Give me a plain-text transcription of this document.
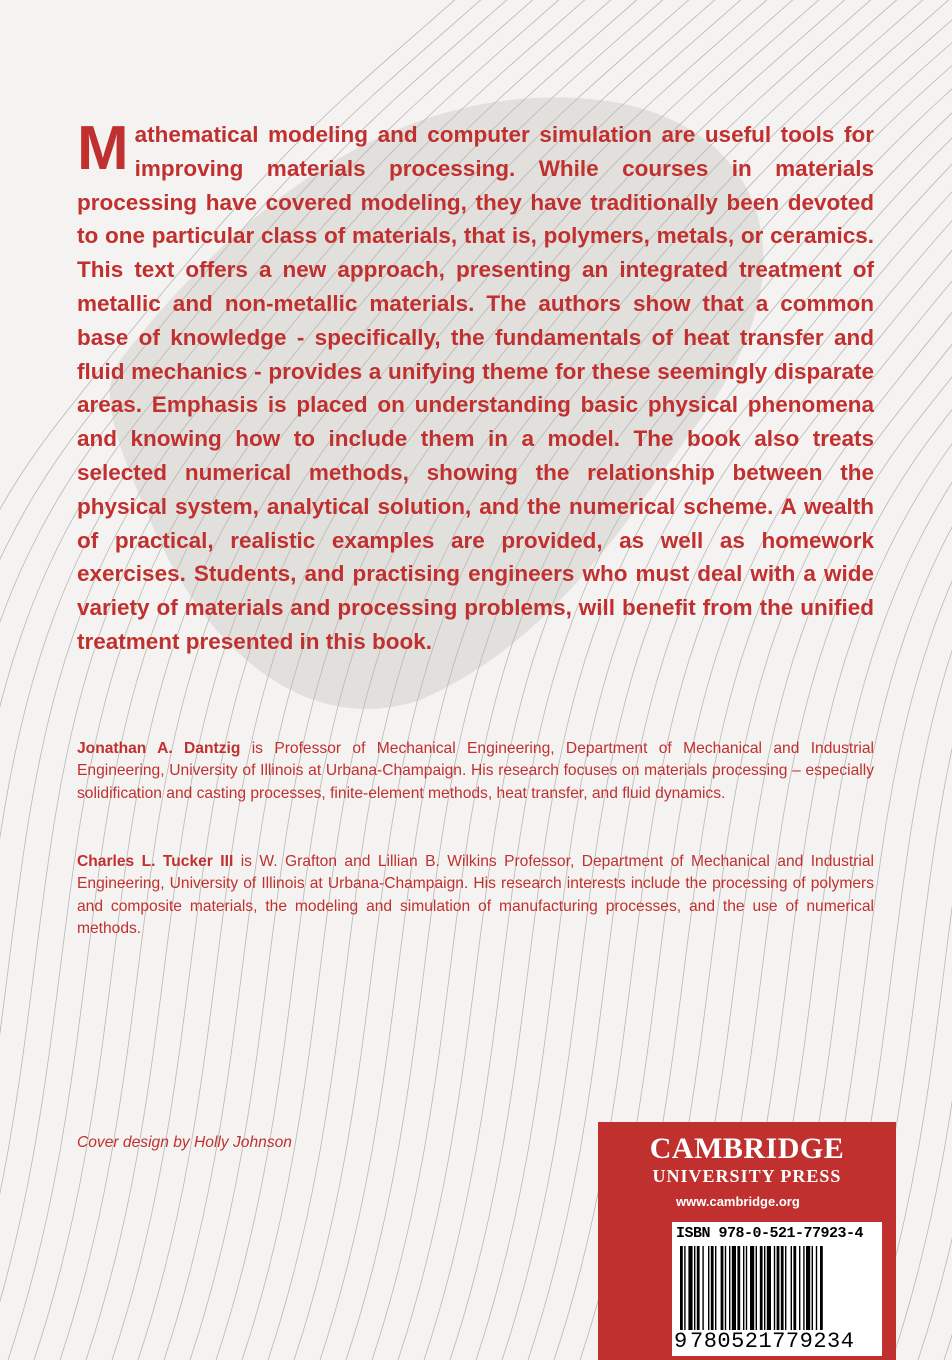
Mathematical modeling and computer simulation are useful tools for improving materials processing. While courses in materials processing have covered modeling, they have traditionally been devoted to one particular class of materials, that is, polymers, metals, or ceramics. This text offers a new approach, presenting an integrated treatment of metallic and non-metallic materials. The authors show that a common base of knowledge - specifically, the fundamentals of heat transfer and fluid mechanics - provides a unifying theme for these seemingly disparate areas. Emphasis is placed on understanding basic physical phenomena and knowing how to include them in a model. The book also treats selected numerical methods, showing the relationship between the physical system, analytical solution, and the numerical scheme. A wealth of practical, realistic examples are provided, as well as homework exercises. Students, and practising engineers who must deal with a wide variety of materials and processing problems, will benefit from the unified treatment presented in this book.

Jonathan A. Dantzig is Professor of Mechanical Engineering, Department of Mechanical and Industrial Engineering, University of Illinois at Urbana-Champaign. His research focuses on materials processing – especially solidification and casting processes, finite-element methods, heat transfer, and fluid dynamics.

Charles L. Tucker III is W. Grafton and Lillian B. Wilkins Professor, Department of Mechanical and Industrial Engineering, University of Illinois at Urbana-Champaign. His research interests include the processing of polymers and composite materials, the modeling and simulation of manufacturing processes, and the use of numerical methods.

Cover design by Holly Johnson	CAMBRIDGE
UNIVERSITY PRESS
www.cambridge.org
ISBN 978-0-521-77923-4
9 780521779234
